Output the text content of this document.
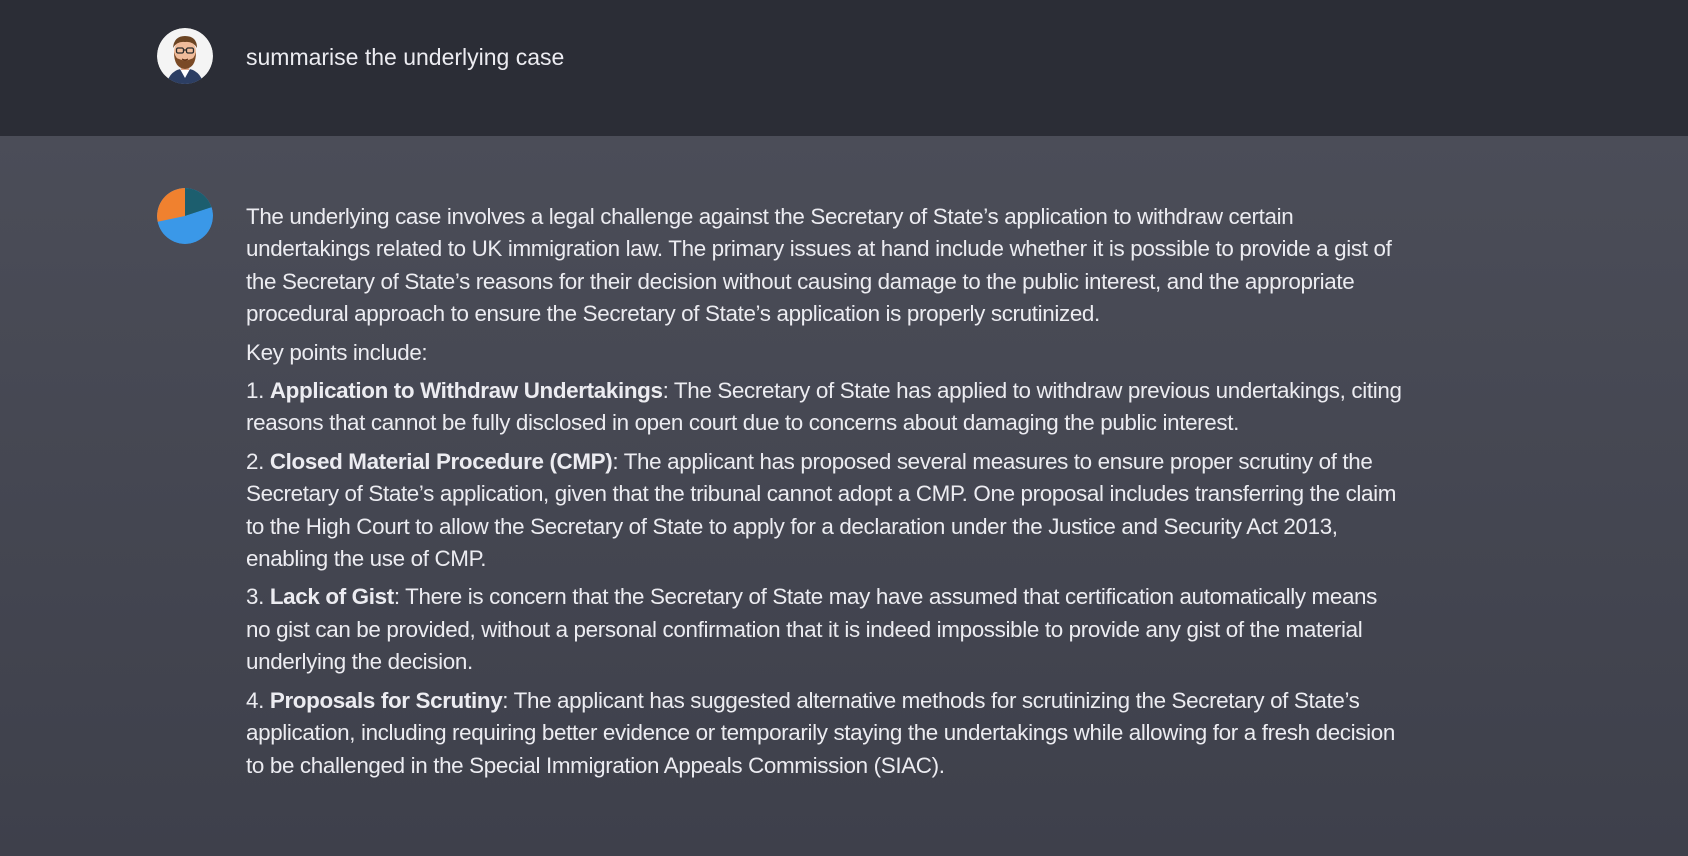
summarise the underlying case

The underlying case involves a legal challenge against the Secretary of State’s application to withdraw certain undertakings related to UK immigration law. The primary issues at hand include whether it is possible to provide a gist of the Secretary of State’s reasons for their decision without causing damage to the public interest, and the appropriate procedural approach to ensure the Secretary of State’s application is properly scrutinized.

Key points include:

1. Application to Withdraw Undertakings: The Secretary of State has applied to withdraw previous undertakings, citing reasons that cannot be fully disclosed in open court due to concerns about damaging the public interest.

2. Closed Material Procedure (CMP): The applicant has proposed several measures to ensure proper scrutiny of the Secretary of State’s application, given that the tribunal cannot adopt a CMP. One proposal includes transferring the claim to the High Court to allow the Secretary of State to apply for a declaration under the Justice and Security Act 2013, enabling the use of CMP.

3. Lack of Gist: There is concern that the Secretary of State may have assumed that certification automatically means no gist can be provided, without a personal confirmation that it is indeed impossible to provide any gist of the material underlying the decision.

4. Proposals for Scrutiny: The applicant has suggested alternative methods for scrutinizing the Secretary of State’s application, including requiring better evidence or temporarily staying the undertakings while allowing for a fresh decision to be challenged in the Special Immigration Appeals Commission (SIAC).
